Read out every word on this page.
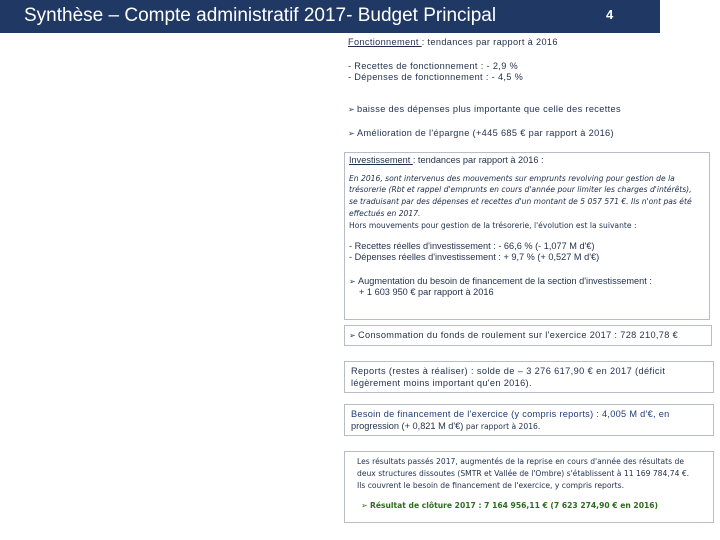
Synthèse – Compte administratif 2017- Budget Principal	4
Fonctionnement : tendances par rapport à 2016
- Recettes de fonctionnement : - 2,9 %
- Dépenses de fonctionnement : - 4,5 %
➢ baisse des dépenses plus importante que celle des recettes
➢ Amélioration de l'épargne (+445 685 € par rapport à 2016)
Investissement : tendances par rapport à 2016 :
En 2016, sont intervenus des mouvements sur emprunts revolving pour gestion de la
trésorerie (Rbt et rappel d'emprunts en cours d'année pour limiter les charges d'intérêts),
se traduisant par des dépenses et recettes d'un montant de 5 057 571 €. Ils n'ont pas été
effectués en 2017.
Hors mouvements pour gestion de la trésorerie, l'évolution est la suivante :
- Recettes réelles d'investissement : - 66,6 % (- 1,077 M d'€)
- Dépenses réelles d'investissement : + 9,7 % (+ 0,527 M d'€)
➢ Augmentation du besoin de financement de la section d'investissement :
+ 1 603 950 € par rapport à 2016
➢ Consommation du fonds de roulement sur l'exercice 2017 : 728 210,78 €
Reports (restes à réaliser) : solde de – 3 276 617,90 € en 2017 (déficit
légèrement moins important qu'en 2016).
Besoin de financement de l'exercice (y compris reports) : 4,005 M d'€, en
progression (+ 0,821 M d'€) par rapport à 2016.
Les résultats passés 2017, augmentés de la reprise en cours d'année des résultats de
deux structures dissoutes (SMTR et Vallée de l'Ombre) s'établissent à 11 169 784,74 €.
Ils couvrent le besoin de financement de l'exercice, y compris reports.
➢ Résultat de clôture 2017 : 7 164 956,11 € (7 623 274,90 € en 2016)
